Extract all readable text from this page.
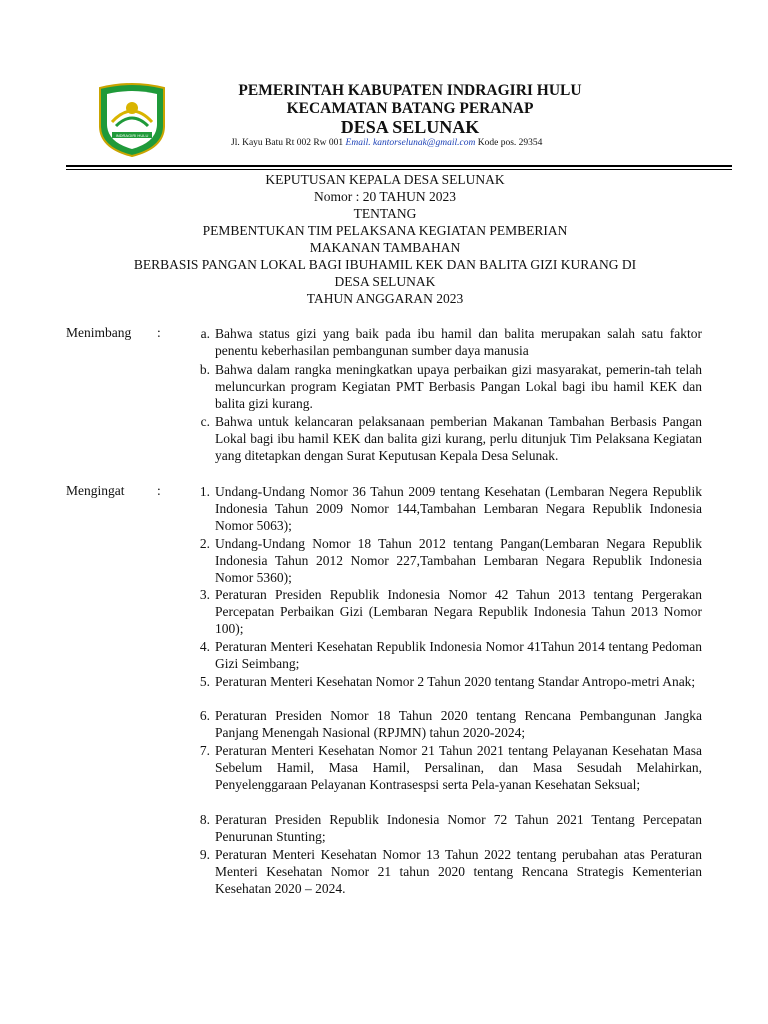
INDRAGIRI HULU
PEMERINTAH KABUPATEN INDRAGIRI HULU
KECAMATAN BATANG PERANAP
DESA SELUNAK
Jl. Kayu Batu Rt 002 Rw 001 Email. kantorselunak@gmail.com Kode pos. 29354
KEPUTUSAN KEPALA DESA SELUNAK
Nomor : 20 TAHUN 2023
TENTANG
PEMBENTUKAN TIM PELAKSANA KEGIATAN PEMBERIAN
MAKANAN TAMBAHAN
BERBASIS PANGAN LOKAL BAGI IBUHAMIL KEK DAN BALITA GIZI KURANG DI
DESA SELUNAK
TAHUN ANGGARAN 2023
Menimbang :	a. Bahwa status gizi yang baik pada ibu hamil dan balita merupakan salah satu faktor penentu keberhasilan pembangunan sumber daya manusia
b. Bahwa dalam rangka meningkatkan upaya perbaikan gizi masyarakat, pemerin-tah telah meluncurkan program Kegiatan PMT Berbasis Pangan Lokal bagi ibu hamil KEK dan balita gizi kurang.
c. Bahwa untuk kelancaran pelaksanaan pemberian Makanan Tambahan Berbasis Pangan Lokal bagi ibu hamil KEK dan balita gizi kurang, perlu ditunjuk Tim Pelaksana Kegiatan yang ditetapkan dengan Surat Keputusan Kepala Desa Selunak.
Mengingat :	1. Undang-Undang Nomor 36 Tahun 2009 tentang Kesehatan (Lembaran Negera Republik Indonesia Tahun 2009 Nomor 144,Tambahan Lembaran Negara Republik Indonesia Nomor 5063);
2. Undang-Undang Nomor 18 Tahun 2012 tentang Pangan(Lembaran Negara Republik Indonesia Tahun 2012 Nomor 227,Tambahan Lembaran Negara Republik Indonesia Nomor 5360);
3. Peraturan Presiden Republik Indonesia Nomor 42 Tahun 2013 tentang Pergerakan Percepatan Perbaikan Gizi (Lembaran Negara Republik Indonesia Tahun 2013 Nomor 100);
4. Peraturan Menteri Kesehatan Republik Indonesia Nomor 41Tahun 2014 tentang Pedoman Gizi Seimbang;
5. Peraturan Menteri Kesehatan Nomor 2 Tahun 2020 tentang Standar Antropo-metri Anak;
6. Peraturan Presiden Nomor 18 Tahun 2020 tentang Rencana Pembangunan Jangka Panjang Menengah Nasional (RPJMN) tahun 2020-2024;
7. Peraturan Menteri Kesehatan Nomor 21 Tahun 2021 tentang Pelayanan Kesehatan Masa Sebelum Hamil, Masa Hamil, Persalinan, dan Masa Sesudah Melahirkan, Penyelenggaraan Pelayanan Kontrasespsi serta Pela-yanan Kesehatan Seksual;
8. Peraturan Presiden Republik Indonesia Nomor 72 Tahun 2021 Tentang Percepatan Penurunan Stunting;
9. Peraturan Menteri Kesehatan Nomor 13 Tahun 2022 tentang perubahan atas Peraturan Menteri Kesehatan Nomor 21 tahun 2020 tentang Rencana Strategis Kementerian Kesehatan 2020 – 2024.
